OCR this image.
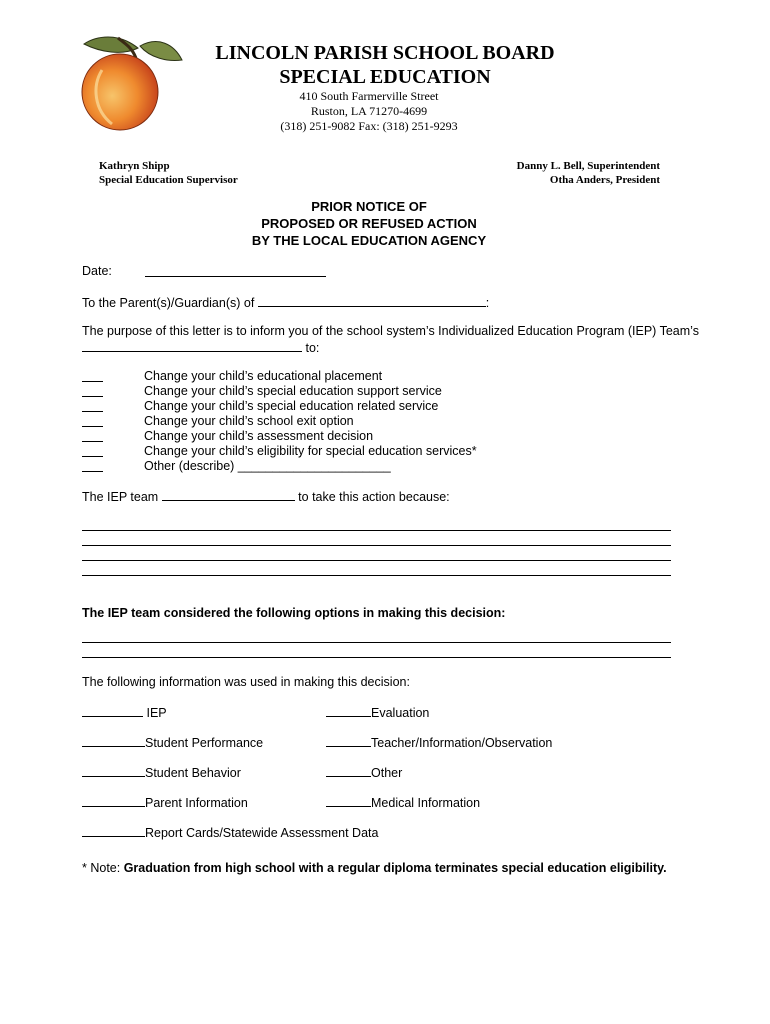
LINCOLN PARISH SCHOOL BOARD
SPECIAL EDUCATION
410 South Farmerville Street
Ruston, LA 71270-4699
(318) 251-9082 Fax: (318) 251-9293
Kathryn Shipp
Special Education Supervisor
Danny L. Bell, Superintendent
Otha Anders, President
PRIOR NOTICE OF
PROPOSED OR REFUSED ACTION
BY THE LOCAL EDUCATION AGENCY
Date:
To the Parent(s)/Guardian(s) of	:
The purpose of this letter is to inform you of the school system’s Individualized Education Program (IEP) Team’s
to:
Change your child’s educational placement
Change your child’s special education support service
Change your child’s special education related service
Change your child’s school exit option
Change your child’s assessment decision
Change your child’s eligibility for special education services*
Other (describe) ______________________
The IEP team	to take this action because:
The IEP team considered the following options in making this decision:
The following information was used in making this decision:
IEP
Student Performance
Student Behavior
Parent Information
Report Cards/Statewide Assessment Data
Evaluation
Teacher/Information/Observation
Other
Medical Information
* Note: Graduation from high school with a regular diploma terminates special education eligibility.
